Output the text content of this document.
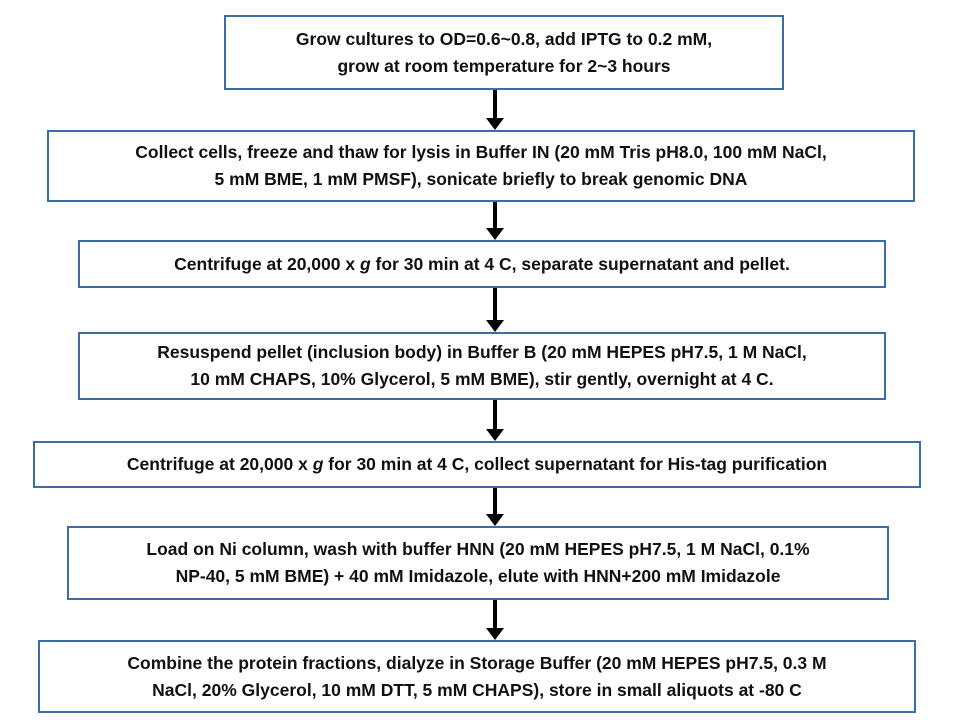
Grow cultures to OD=0.6~0.8, add IPTG to 0.2 mM,
grow at room temperature for 2~3 hours
Collect cells, freeze and thaw for lysis in Buffer IN (20 mM Tris pH8.0, 100 mM NaCl,
5 mM BME, 1 mM PMSF), sonicate briefly to break genomic DNA
Centrifuge at 20,000 x g for 30 min at 4 C, separate supernatant and pellet.
Resuspend pellet (inclusion body) in Buffer B (20 mM HEPES pH7.5, 1 M NaCl,
10 mM CHAPS, 10% Glycerol, 5 mM BME), stir gently, overnight at 4 C.
Centrifuge at 20,000 x g for 30 min at 4 C, collect supernatant for His-tag purification
Load on Ni column, wash with buffer HNN (20 mM HEPES pH7.5, 1 M NaCl, 0.1%
NP-40, 5 mM BME) + 40 mM Imidazole, elute with HNN+200 mM Imidazole
Combine the protein fractions, dialyze in Storage Buffer (20 mM HEPES pH7.5, 0.3 M
NaCl, 20% Glycerol, 10 mM DTT, 5 mM CHAPS), store in small aliquots at -80 C
